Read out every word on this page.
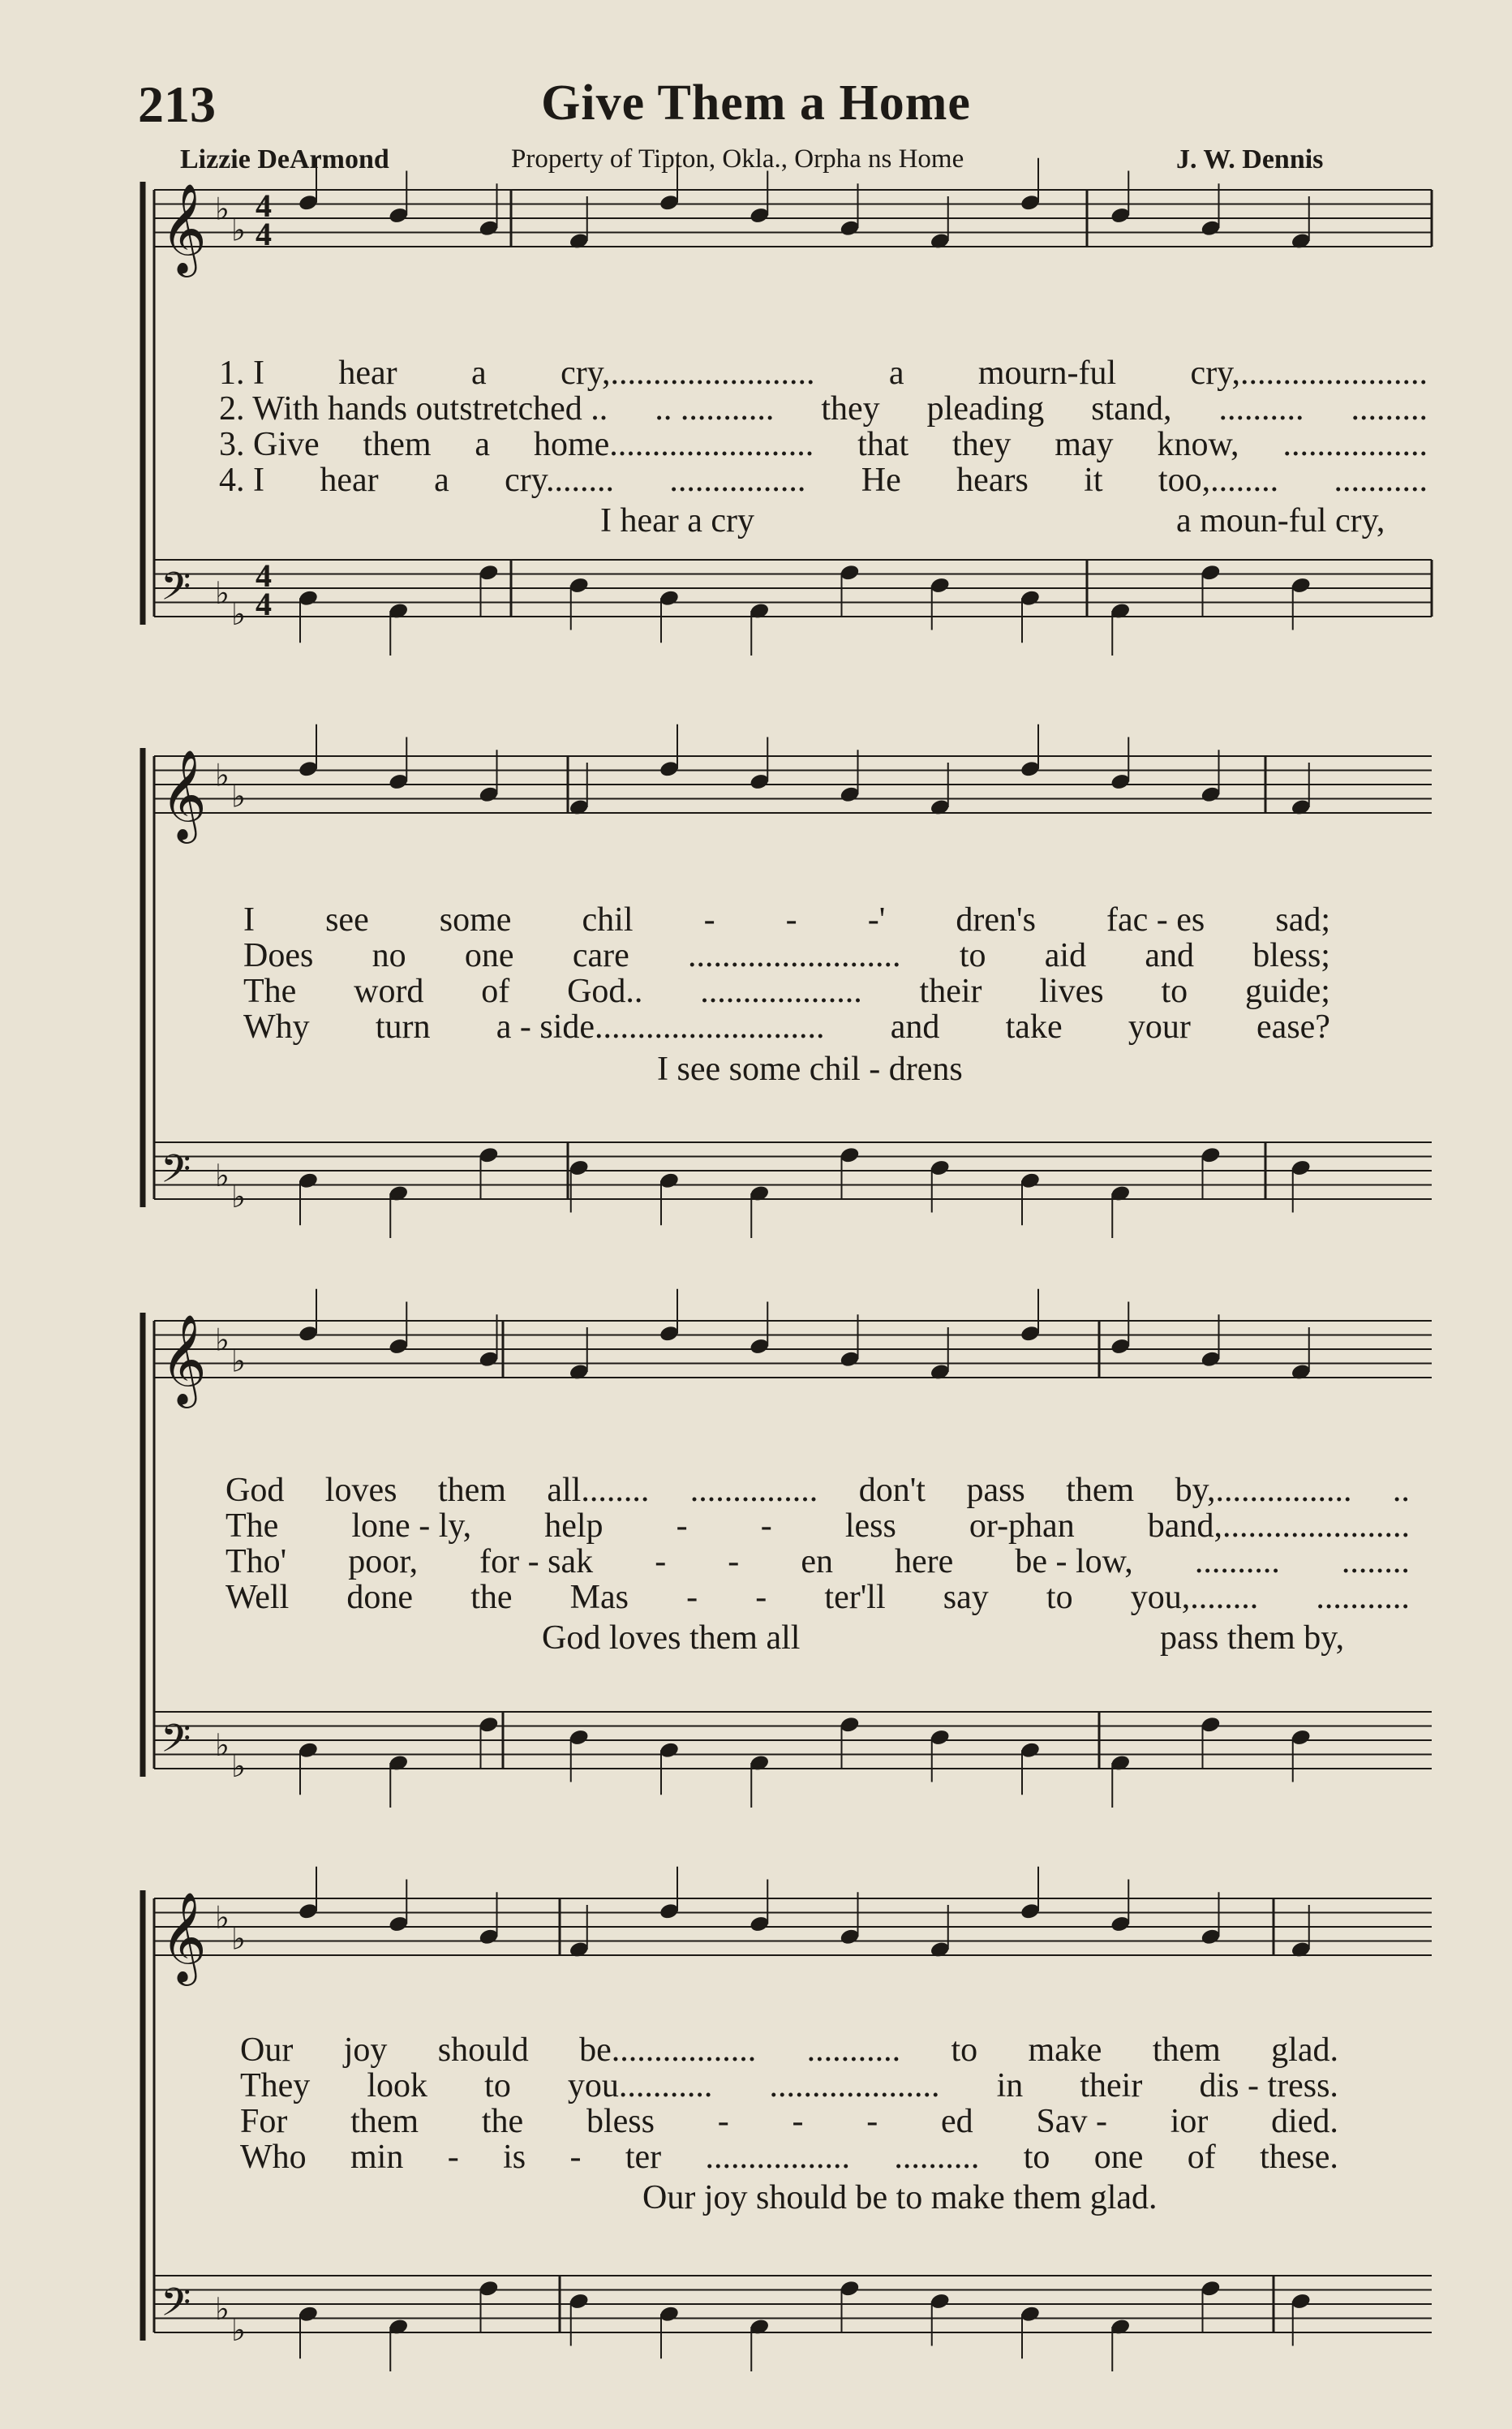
213	Give Them a Home
Lizzie DeArmond	Property of Tipton, Okla., Orpha ns Home	J. W. Dennis
𝄞 ♭
♭
4
4
𝄢 ♭
♭
4
4
𝄞 ♭
♭
𝄢 ♭
♭
𝄞 ♭
♭
𝄢 ♭
♭
𝄞 ♭
♭
𝄢 ♭
♭
1. I hear a cry,........................ a mourn-ful cry,......................
2. With hands outstretched .. .. ........... they pleading stand, .......... .........
3. Give them a home........................ that they may know, .................
4. I hear a cry........ ................ He hears it too,........ ...........
I hear a cry	a moun-ful cry,
I see some chil - - -' dren's fac - es sad;
Does no one care ......................... to aid and bless;
The word of God.. ................... their lives to guide;
Why turn a - side........................... and take your ease?
I see some chil - drens
God loves them all........ ............... don't pass them by,................ ..
The lone - ly, help - - less or-phan band,......................
Tho' poor, for - sak - - en here be - low, .......... ........
Well done the Mas - - ter'll say to you,........ ...........
God loves them all	pass them by,
Our joy should be................. ........... to make them glad.
They look to you........... .................... in their dis - tress.
For them the bless - - - ed Sav - ior died.
Who min - is - ter ................. .......... to one of these.
Our joy should be to make them glad.
